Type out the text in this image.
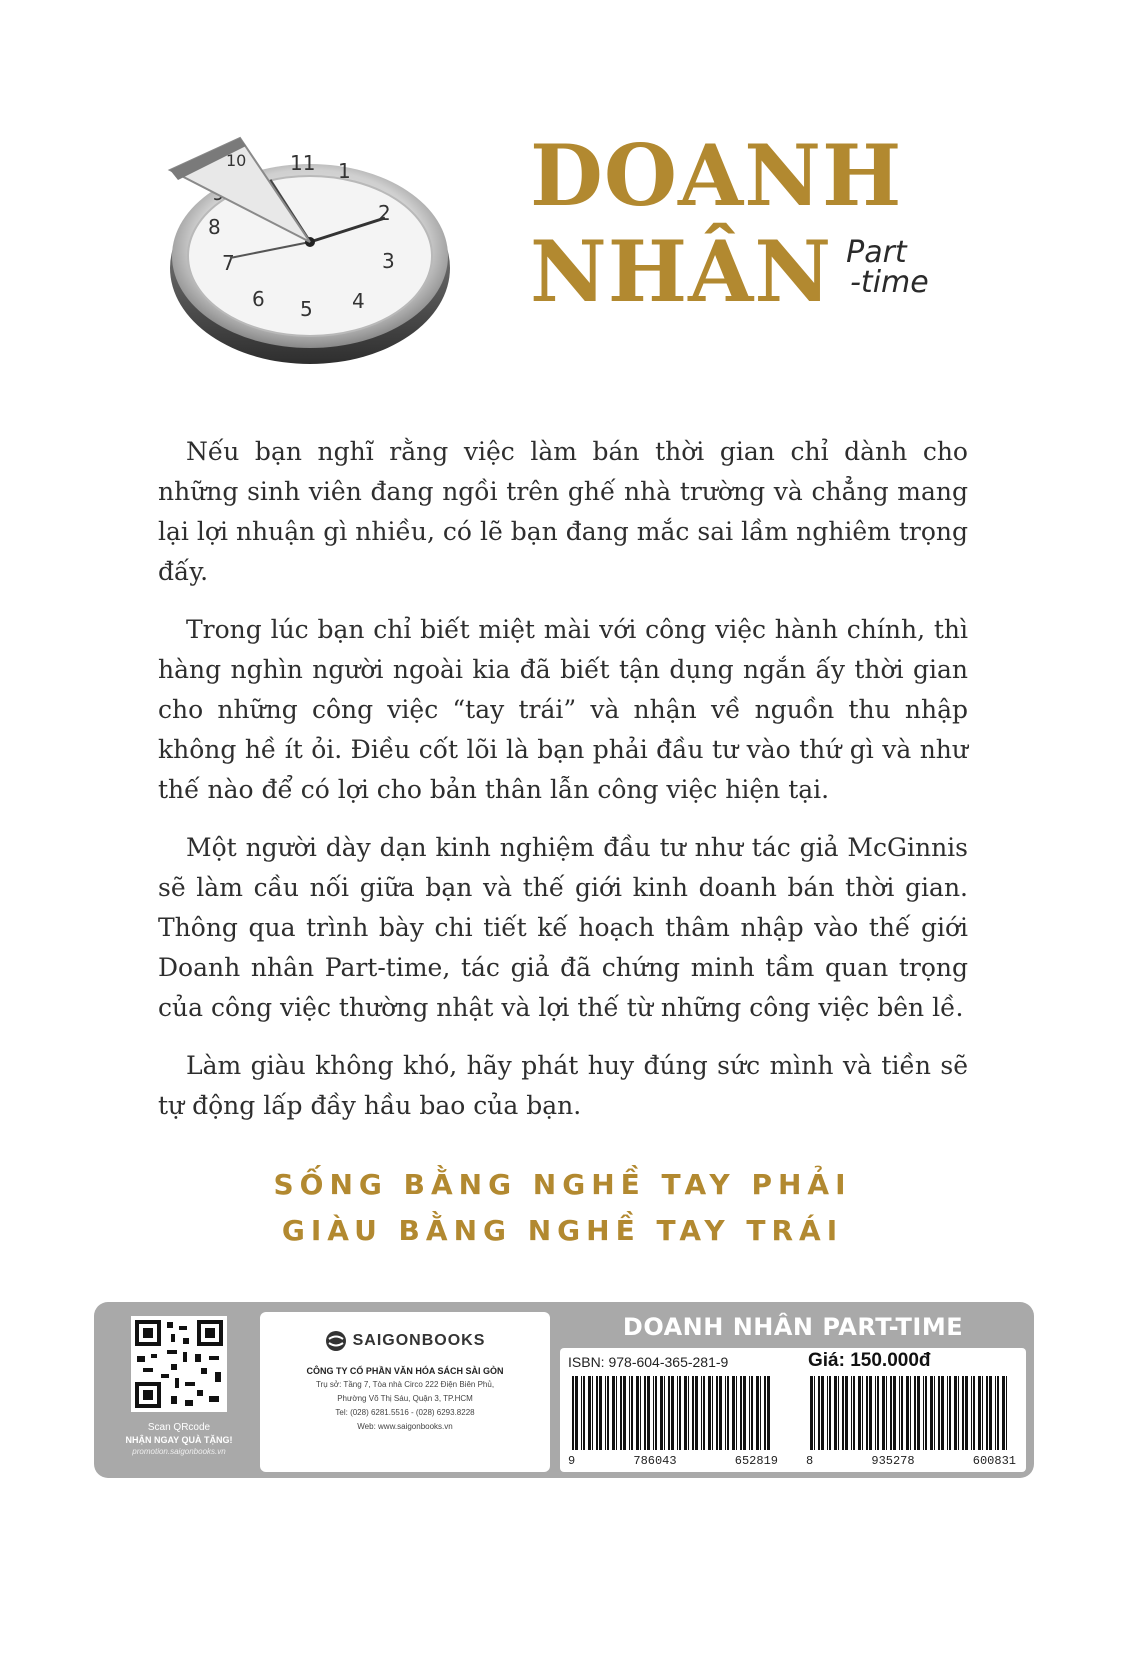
11 1
2
3
4
5
6
7
8
10	DOANH
NHÂN Part
-time

Nếu bạn nghĩ rằng việc làm bán thời gian chỉ dành cho những sinh viên đang ngồi trên ghế nhà trường và chẳng mang lại lợi nhuận gì nhiều, có lẽ bạn đang mắc sai lầm nghiêm trọng đấy.

Trong lúc bạn chỉ biết miệt mài với công việc hành chính, thì hàng nghìn người ngoài kia đã biết tận dụng ngắn ấy thời gian cho những công việc “tay trái” và nhận về nguồn thu nhập không hề ít ỏi. Điều cốt lõi là bạn phải đầu tư vào thứ gì và như thế nào để có lợi cho bản thân lẫn công việc hiện tại.

Một người dày dạn kinh nghiệm đầu tư như tác giả McGinnis sẽ làm cầu nối giữa bạn và thế giới kinh doanh bán thời gian. Thông qua trình bày chi tiết kế hoạch thâm nhập vào thế giới Doanh nhân Part-time, tác giả đã chứng minh tầm quan trọng của công việc thường nhật và lợi thế từ những công việc bên lề.

Làm giàu không khó, hãy phát huy đúng sức mình và tiền sẽ tự động lấp đầy hầu bao của bạn.

SỐNG BẰNG NGHỀ TAY PHẢI
GIÀU BẰNG NGHỀ TAY TRÁI
Scan QRcode
NHẬN NGAY QUÀ TẶNG!
promotion.saigonbooks.vn
SAIGONBOOKS
CÔNG TY CỔ PHẦN VĂN HÓA SÁCH SÀI GÒN
Trụ sở: Tầng 7, Tòa nhà Circo 222 Điện Biên Phủ,
Phường Võ Thị Sáu, Quận 3, TP.HCM
Tel: (028) 6281.5516 - (028) 6293.8228
Web: www.saigonbooks.vn
DOANH NHÂN PART-TIME
ISBN: 978-604-365-281-9	Giá: 150.000đ
9	786043	652819 8	935278	600831
